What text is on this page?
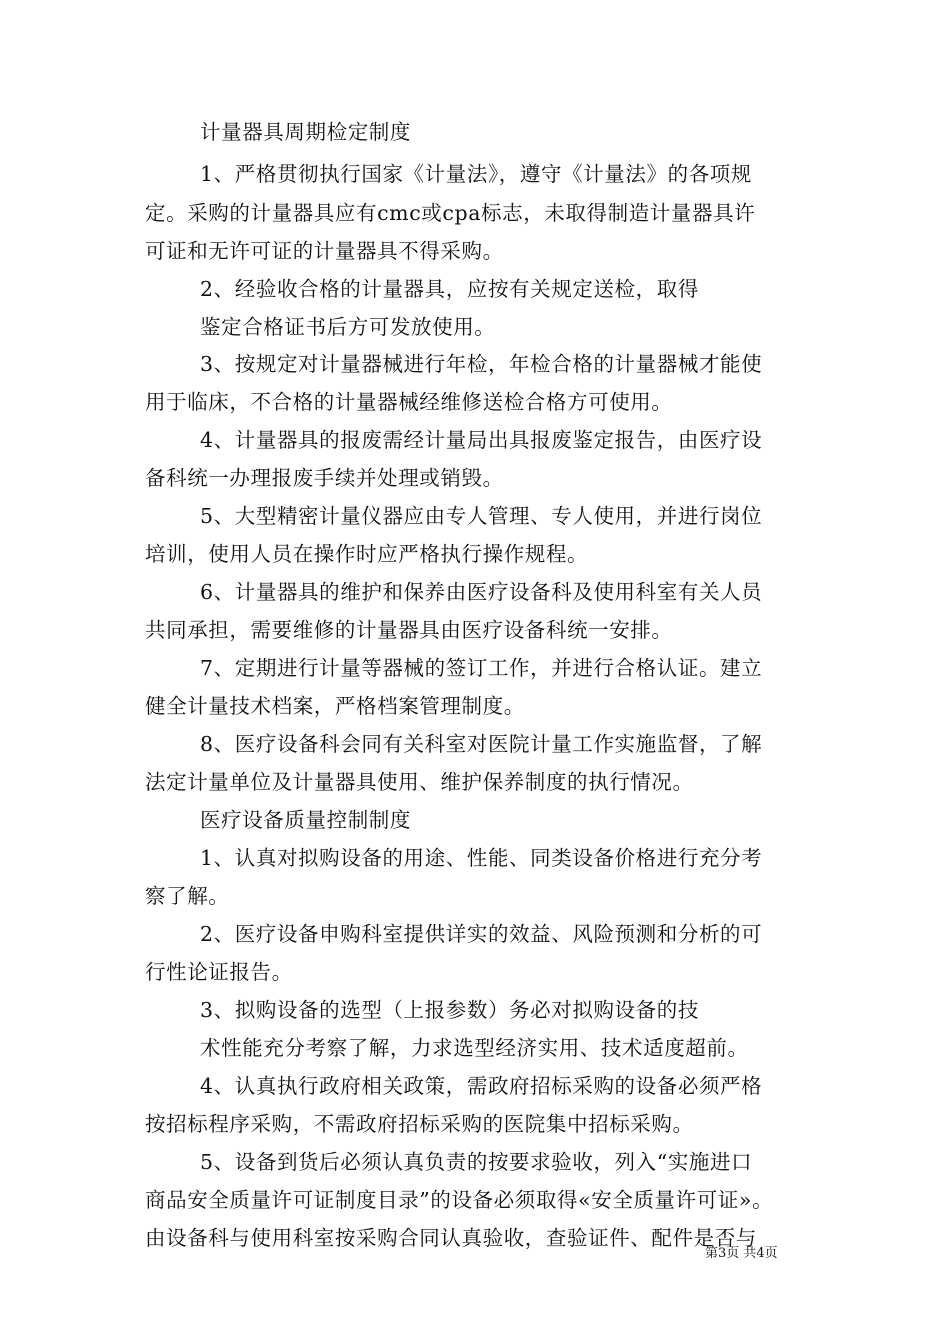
计量器具周期检定制度
1、严格贯彻执行国家《计量法》，遵守《计量法》的各项规
定。采购的计量器具应有cmc或cpa标志，未取得制造计量器具许
可证和无许可证的计量器具不得采购。
2、经验收合格的计量器具，应按有关规定送检，取得
鉴定合格证书后方可发放使用。
3、按规定对计量器械进行年检，年检合格的计量器械才能使
用于临床，不合格的计量器械经维修送检合格方可使用。
4、计量器具的报废需经计量局出具报废鉴定报告，由医疗设
备科统一办理报废手续并处理或销毁。
5、大型精密计量仪器应由专人管理、专人使用，并进行岗位
培训，使用人员在操作时应严格执行操作规程。
6、计量器具的维护和保养由医疗设备科及使用科室有关人员
共同承担，需要维修的计量器具由医疗设备科统一安排。
7、定期进行计量等器械的签订工作，并进行合格认证。建立
健全计量技术档案，严格档案管理制度。
8、医疗设备科会同有关科室对医院计量工作实施监督，了解
法定计量单位及计量器具使用、维护保养制度的执行情况。
医疗设备质量控制制度
1、认真对拟购设备的用途、性能、同类设备价格进行充分考
察了解。
2、医疗设备申购科室提供详实的效益、风险预测和分析的可
行性论证报告。
3、拟购设备的选型（上报参数）务必对拟购设备的技
术性能充分考察了解，力求选型经济实用、技术适度超前。
4、认真执行政府相关政策，需政府招标采购的设备必须严格
按招标程序采购，不需政府招标采购的医院集中招标采购。
5、设备到货后必须认真负责的按要求验收，列入“实施进口
商品安全质量许可证制度目录”的设备必须取得«安全质量许可证»。
由设备科与使用科室按采购合同认真验收，查验证件、配件是否与
第3页 共4页
